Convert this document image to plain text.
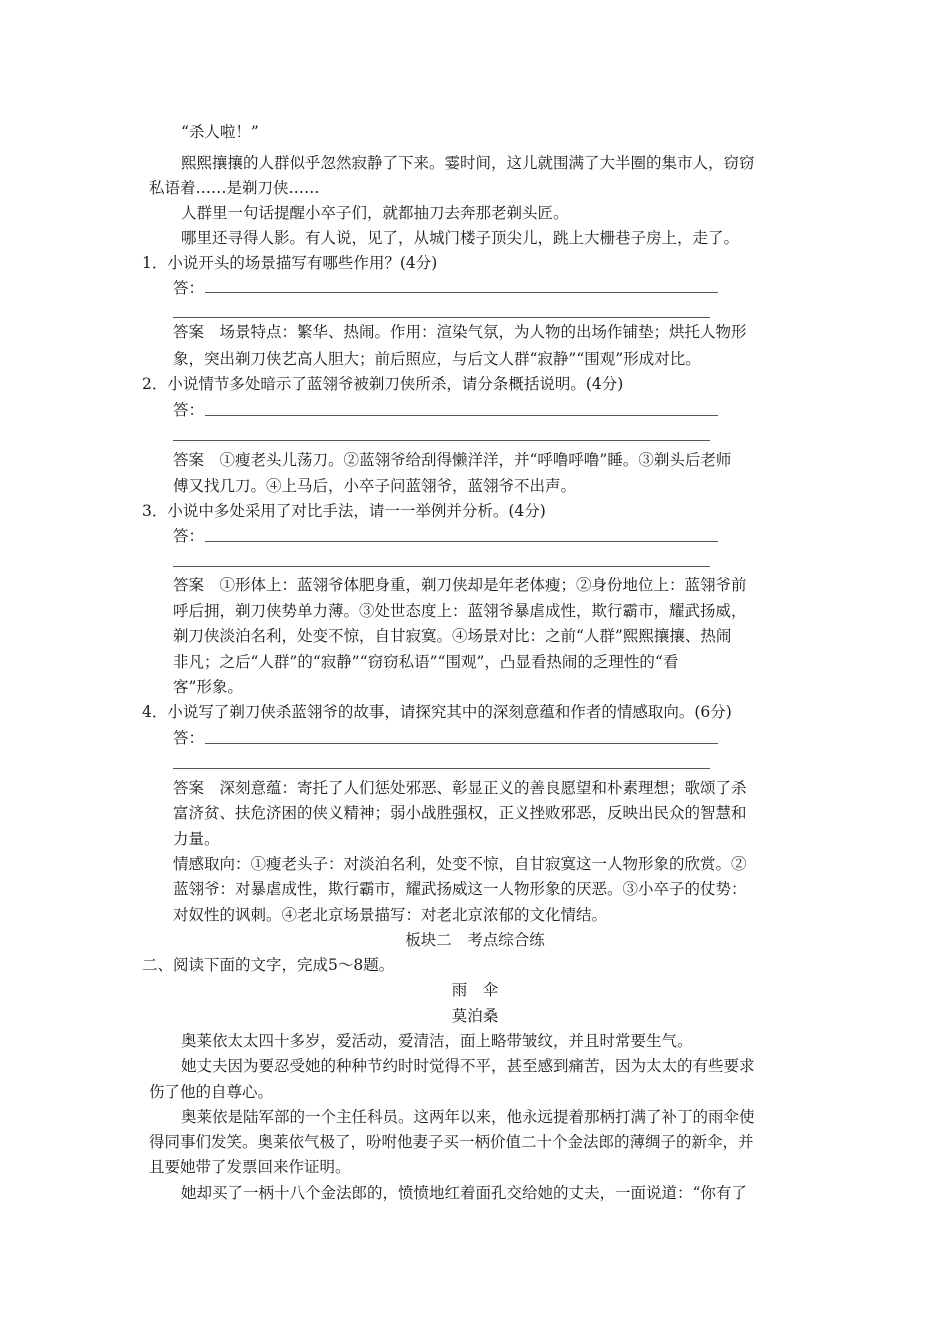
“杀人啦！”
熙熙攘攘的人群似乎忽然寂静了下来。霎时间，这儿就围满了大半圈的集市人，窃窃
私语着……是剃刀侠……
人群里一句话提醒小卒子们，就都抽刀去奔那老剃头匠。
哪里还寻得人影。有人说，见了，从城门楼子顶尖儿，跳上大栅巷子房上，走了。
1．小说开头的场景描写有哪些作用？(4分)
答：
答案　场景特点：繁华、热闹。作用：渲染气氛，为人物的出场作铺垫；烘托人物形
象，突出剃刀侠艺高人胆大；前后照应，与后文人群“寂静”“围观”形成对比。
2．小说情节多处暗示了蓝翎爷被剃刀侠所杀，请分条概括说明。(4分)
答：
答案　①瘦老头儿荡刀。②蓝翎爷给刮得懒洋洋，并“呼噜呼噜”睡。③剃头后老师
傅又找几刀。④上马后，小卒子问蓝翎爷，蓝翎爷不出声。
3．小说中多处采用了对比手法，请一一举例并分析。(4分)
答：
答案　①形体上：蓝翎爷体肥身重，剃刀侠却是年老体瘦；②身份地位上：蓝翎爷前
呼后拥，剃刀侠势单力薄。③处世态度上：蓝翎爷暴虐成性，欺行霸市，耀武扬威，
剃刀侠淡泊名利，处变不惊，自甘寂寞。④场景对比：之前“人群”熙熙攘攘、热闹
非凡；之后“人群”的“寂静”“窃窃私语”“围观”，凸显看热闹的乏理性的“看
客”形象。
4．小说写了剃刀侠杀蓝翎爷的故事，请探究其中的深刻意蕴和作者的情感取向。(6分)
答：
答案　深刻意蕴：寄托了人们惩处邪恶、彰显正义的善良愿望和朴素理想；歌颂了杀
富济贫、扶危济困的侠义精神；弱小战胜强权，正义挫败邪恶，反映出民众的智慧和
力量。
情感取向：①瘦老头子：对淡泊名利，处变不惊，自甘寂寞这一人物形象的欣赏。②
蓝翎爷：对暴虐成性，欺行霸市，耀武扬威这一人物形象的厌恶。③小卒子的仗势：
对奴性的讽刺。④老北京场景描写：对老北京浓郁的文化情结。
板块二　考点综合练
二、阅读下面的文字，完成5～8题。
雨　伞
莫泊桑
奥莱依太太四十多岁，爱活动，爱清洁，面上略带皱纹，并且时常要生气。
她丈夫因为要忍受她的种种节约时时觉得不平，甚至感到痛苦，因为太太的有些要求
伤了他的自尊心。
奥莱依是陆军部的一个主任科员。这两年以来，他永远提着那柄打满了补丁的雨伞使
得同事们发笑。奥莱依气极了，吩咐他妻子买一柄价值二十个金法郎的薄绸子的新伞，并
且要她带了发票回来作证明。
她却买了一柄十八个金法郎的，愤愤地红着面孔交给她的丈夫，一面说道：“你有了
